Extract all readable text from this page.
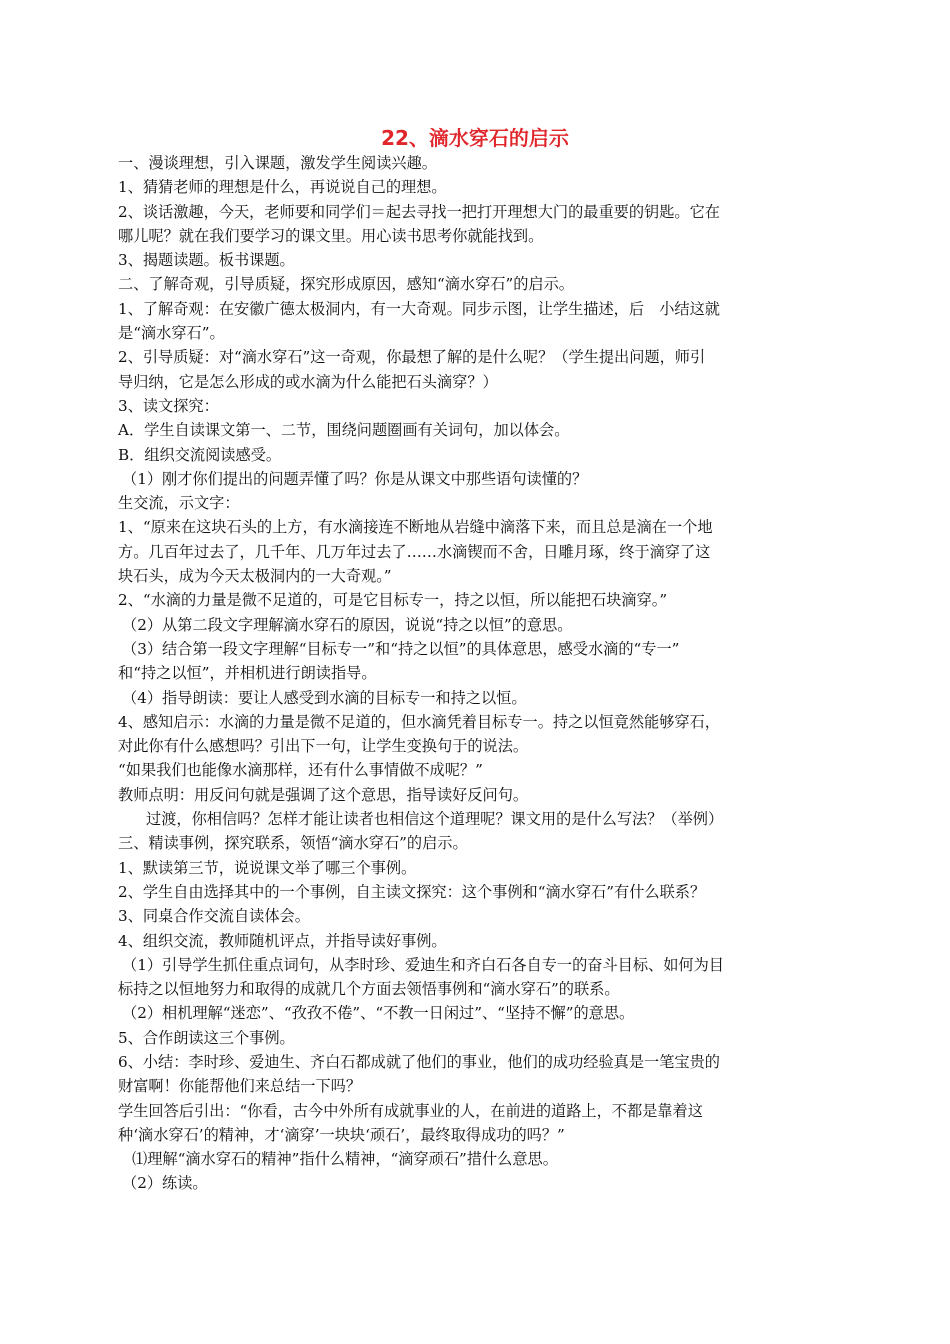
22、滴水穿石的启示

一、漫谈理想，引入课题，激发学生阅读兴趣。

1、猜猜老师的理想是什么，再说说自己的理想。

2、谈话激趣，今天，老师要和同学们＝起去寻找一把打开理想大门的最重要的钥匙。它在

哪儿呢？就在我们要学习的课文里。用心读书思考你就能找到。

3、揭题读题。板书课题。

二、了解奇观，引导质疑，探究形成原因，感知“滴水穿石”的启示。

1、了解奇观：在安徽广德太极洞内，有一大奇观。同步示图，让学生描述，后　小结这就

是“滴水穿石”。

2、引导质疑：对“滴水穿石”这一奇观，你最想了解的是什么呢？（学生提出问题，师引

导归纳，它是怎么形成的或水滴为什么能把石头滴穿？）

3、读文探究：

A．学生自读课文第一、二节，围绕问题圈画有关词句，加以体会。

B．组织交流阅读感受。

（1）刚才你们提出的问题弄懂了吗？你是从课文中那些语句读懂的？

生交流，示文字：

1、“原来在这块石头的上方，有水滴接连不断地从岩缝中滴落下来，而且总是滴在一个地

方。几百年过去了，几千年、几万年过去了……水滴锲而不舍，日雕月琢，终于滴穿了这

块石头，成为今天太极洞内的一大奇观。”

2、“水滴的力量是微不足道的，可是它目标专一，持之以恒，所以能把石块滴穿。”

（2）从第二段文字理解滴水穿石的原因，说说“持之以恒”的意思。

（3）结合第一段文字理解“目标专一”和“持之以恒”的具体意思，感受水滴的“专一”

和“持之以恒”，并相机进行朗读指导。

（4）指导朗读：要让人感受到水滴的目标专一和持之以恒。

4、感知启示：水滴的力量是微不足道的，但水滴凭着目标专一。持之以恒竟然能够穿石，

对此你有什么感想吗？引出下一句，让学生变换句于的说法。

“如果我们也能像水滴那样，还有什么事情做不成呢？”

教师点明：用反问句就是强调了这个意思，指导读好反问句。

过渡，你相信吗？怎样才能让读者也相信这个道理呢？课文用的是什么写法？（举例）

三、精读事例，探究联系，领悟“滴水穿石”的启示。

1、默读第三节，说说课文举了哪三个事例。

2、学生自由选择其中的一个事例，自主读文探究：这个事例和“滴水穿石”有什么联系？

3、同桌合作交流自读体会。

4、组织交流，教师随机评点，并指导读好事例。

（1）引导学生抓住重点词句，从李时珍、爱迪生和齐白石各自专一的奋斗目标、如何为目

标持之以恒地努力和取得的成就几个方面去领悟事例和“滴水穿石”的联系。

（2）相机理解“迷恋”、“孜孜不倦”、“不教一日闲过”、“坚持不懈”的意思。

5、合作朗读这三个事例。

6、小结：李时珍、爱迪生、齐白石都成就了他们的事业，他们的成功经验真是一笔宝贵的

财富啊！你能帮他们来总结一下吗？

学生回答后引出：“你看，古今中外所有成就事业的人，在前进的道路上，不都是靠着这

种‘滴水穿石’的精神，才‘滴穿’一块块‘顽石’，最终取得成功的吗？”

⑴理解“滴水穿石的精神”指什么精神，“滴穿顽石”措什么意思。

（2）练读。
